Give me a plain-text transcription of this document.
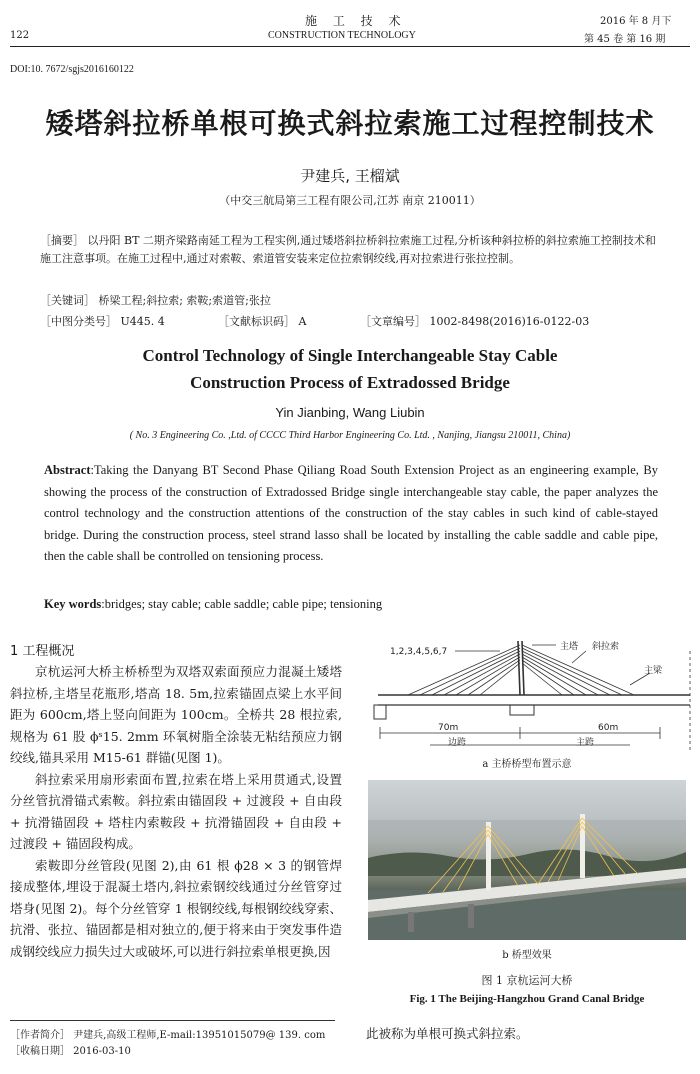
122
施 工 技 术
CONSTRUCTION TECHNOLOGY
2016 年 8 月下
第 45 卷 第 16 期
DOI:10. 7672/sgjs2016160122
矮塔斜拉桥单根可换式斜拉索施工过程控制技术
尹建兵, 王榴斌
（中交三航局第三工程有限公司,江苏 南京 210011）
［摘要］ 以丹阳 BT 二期齐梁路南延工程为工程实例,通过矮塔斜拉桥斜拉索施工过程,分析该种斜拉桥的斜拉索施工控制技术和施工注意事项。在施工过程中,通过对索鞍、索道管安装来定位拉索钢绞线,再对拉索进行张拉控制。
［关键词］ 桥梁工程;斜拉索; 索鞍;索道管;张拉
［中图分类号］ U445. 4	［文献标识码］ A	［文章编号］ 1002-8498(2016)16-0122-03
Control Technology of Single Interchangeable Stay Cable
Construction Process of Extradossed Bridge
Yin Jianbing, Wang Liubin
( No. 3 Engineering Co. ,Ltd. of CCCC Third Harbor Engineering Co. Ltd. , Nanjing, Jiangsu 210011, China)
Abstract:Taking the Danyang BT Second Phase Qiliang Road South Extension Project as an engineering example, By showing the process of the construction of Extradossed Bridge single interchangeable stay cable, the paper analyzes the control technology and the construction attentions of the construction of the stay cables in such kind of cable-stayed bridge. During the construction process, steel strand lasso shall be located by installing the cable saddle and cable pipe, then the cable shall be controlled on tensioning process.
Key words:bridges; stay cable; cable saddle; cable pipe; tensioning
1 工程概况

京杭运河大桥主桥桥型为双塔双索面预应力混凝土矮塔斜拉桥,主塔呈花瓶形,塔高 18. 5m,拉索锚固点梁上水平间距为 600cm,塔上竖向间距为 100cm。全桥共 28 根拉索,规格为 61 股 ϕˢ15. 2mm 环氧树脂全涂装无粘结预应力钢绞线,锚具采用 M15-61 群锚(见图 1)。

斜拉索采用扇形索面布置,拉索在塔上采用贯通式,设置分丝管抗滑锚式索鞍。斜拉索由锚固段 + 过渡段 + 自由段 + 抗滑锚固段 + 塔柱内索鞍段 + 抗滑锚固段 + 自由段 + 过渡段 + 锚固段构成。

索鞍即分丝管段(见图 2),由 61 根 ϕ28 × 3 的钢管焊接成整体,埋设于混凝土塔内,斜拉索钢绞线通过分丝管穿过塔身(见图 2)。每个分丝管穿 1 根钢绞线,每根钢绞线穿索、抗滑、张拉、锚固都是相对独立的,便于将来由于突发事件造成钢绞线应力损失过大或破坏,可以进行斜拉索单根更换,因

［作者简介］ 尹建兵,高级工程师,E-mail:13951015079@ 139. com
［收稿日期］ 2016-03-10
1,2,3,4,5,6,7	主塔 斜拉索
主梁
70m	60m
边跨	主跨
a 主桥桥型布置示意
b 桥型效果
图 1 京杭运河大桥
Fig. 1 The Beijing-Hangzhou Grand Canal Bridge
此被称为单根可换式斜拉索。
